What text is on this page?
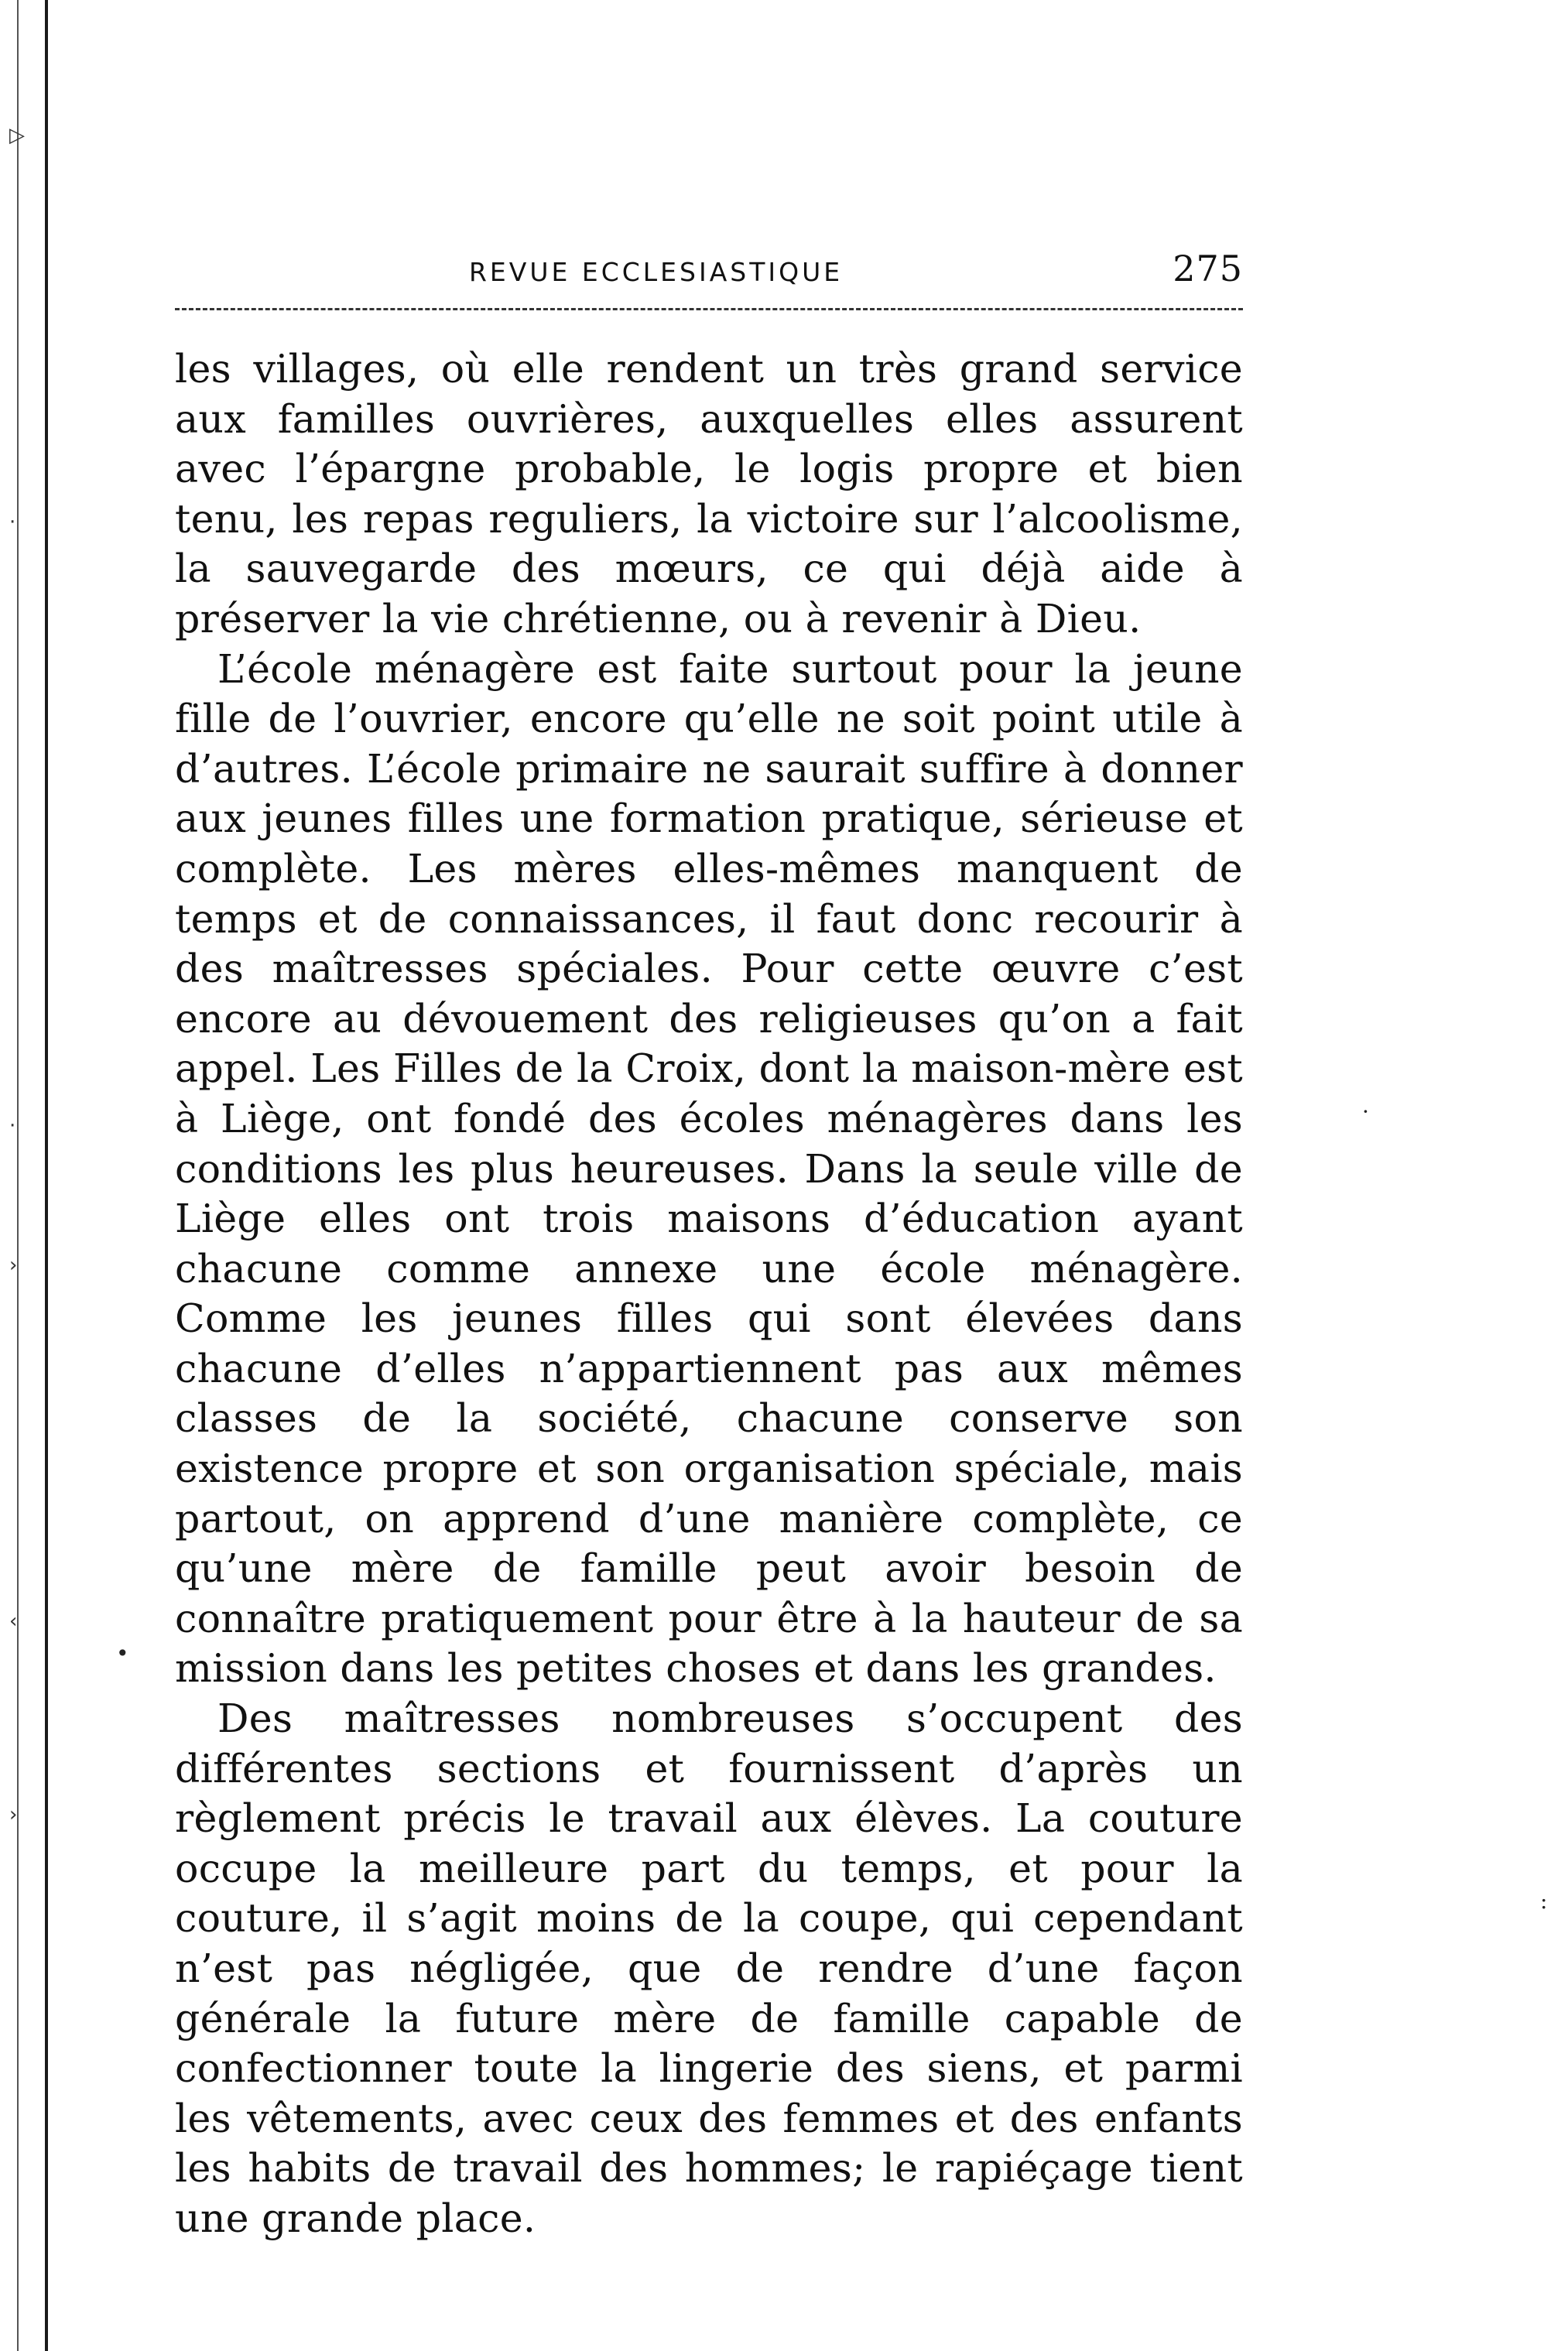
▷
·
·
›
‹
›
·
•
:
REVUE ECCLESIASTIQUE	275

les villages, où elle rendent un très grand service aux familles ouvrières, auxquelles elles assurent avec l’épargne probable, le logis propre et bien tenu, les repas reguliers, la victoire sur l’alcoolisme, la sauvegarde des mœurs, ce qui déjà aide à préserver la vie chrétienne, ou à revenir à Dieu.

L’école ménagère est faite surtout pour la jeune fille de l’ouvrier, encore qu’elle ne soit point utile à d’autres. L’école primaire ne saurait suffire à donner aux jeunes filles une formation pratique, sérieuse et complète. Les mères elles-mêmes manquent de temps et de connaissances, il faut donc recourir à des maîtresses spéciales. Pour cette œuvre c’est encore au dévouement des religieuses qu’on a fait appel. Les Filles de la Croix, dont la maison-mère est à Liège, ont fondé des écoles ménagères dans les conditions les plus heureuses. Dans la seule ville de Liège elles ont trois maisons d’éducation ayant chacune comme annexe une école ménagère. Comme les jeunes filles qui sont élevées dans chacune d’elles n’appartiennent pas aux mêmes classes de la société, chacune conserve son existence propre et son organisation spéciale, mais partout, on apprend d’une manière complète, ce qu’une mère de famille peut avoir besoin de connaître pratiquement pour être à la hauteur de sa mission dans les petites choses et dans les grandes.

Des maîtresses nombreuses s’occupent des différentes sections et fournissent d’après un règlement précis le travail aux élèves. La couture occupe la meilleure part du temps, et pour la couture, il s’agit moins de la coupe, qui cependant n’est pas négligée, que de rendre d’une façon générale la future mère de famille capable de confectionner toute la lingerie des siens, et parmi les vêtements, avec ceux des femmes et des enfants les habits de travail des hommes; le rapiéçage tient une grande place.
